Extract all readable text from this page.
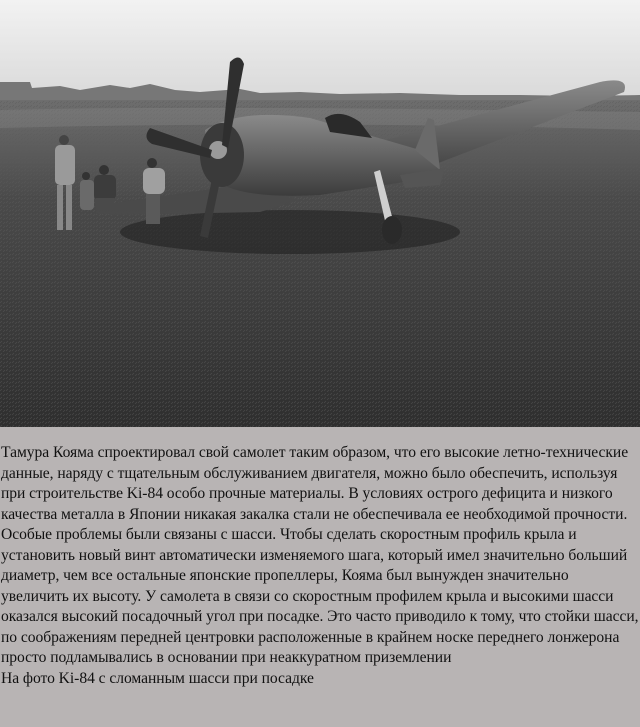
Тамура Кояма спроектировал свой самолет таким образом, что его высокие летно-технические данные, наряду с тщательным обслуживанием двигателя, можно было обеспечить, используя при строительстве Ki-84 особо прочные материалы. В условиях острого дефицита и низкого качества металла в Японии никакая закалка стали не обеспечивала ее необходимой прочности. Особые проблемы были связаны с шасси. Чтобы сделать скоростным профиль крыла и установить новый винт автоматически изменяемого шага, который имел значительно больший диаметр, чем все остальные японские пропеллеры, Кояма был вынужден значительно увеличить их высоту. У самолета в связи со скоростным профилем крыла и высокими шасси оказался высокий посадочный угол при посадке. Это часто приводило к тому, что стойки шасси, по соображениям передней центровки расположенные в крайнем носке переднего лонжерона просто подламывались в основании при неаккуратном приземлении

На фото Ki-84 с сломанным шасси при посадке
